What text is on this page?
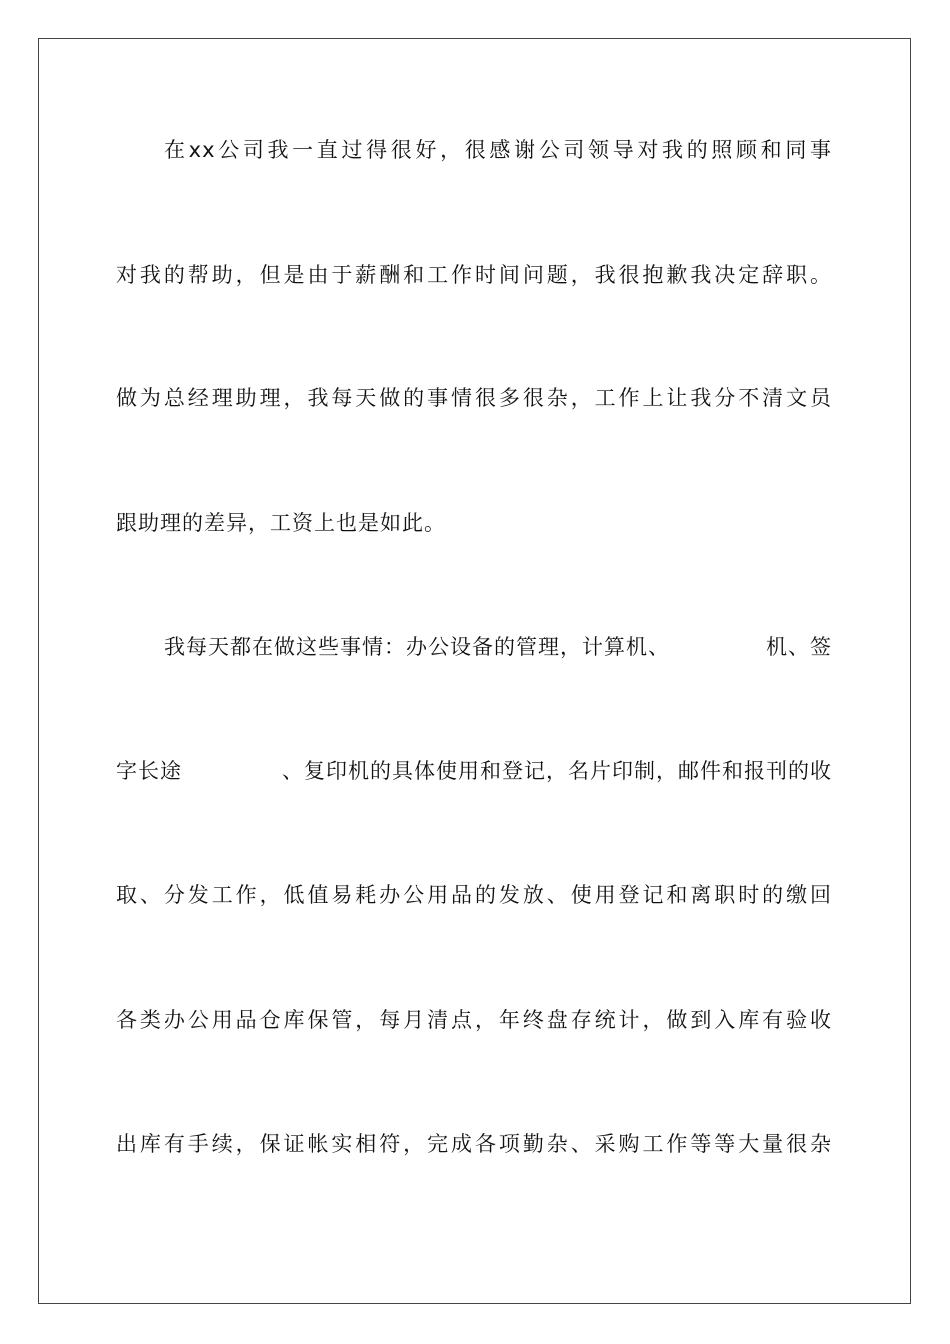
在xx公司我一直过得很好，很感谢公司领导对我的照顾和同事
对我的帮助，但是由于薪酬和工作时间问题，我很抱歉我决定辞职。
做为总经理助理，我每天做的事情很多很杂，工作上让我分不清文员
跟助理的差异，工资上也是如此。
我每天都在做这些事情：办公设备的管理，计算机、	机、签
字长途	、复印机的具体使用和登记，名片印制，邮件和报刊的收
取、分发工作，低值易耗办公用品的发放、使用登记和离职时的缴回
各类办公用品仓库保管，每月清点，年终盘存统计，做到入库有验收
出库有手续，保证帐实相符，完成各项勤杂、采购工作等等大量很杂
